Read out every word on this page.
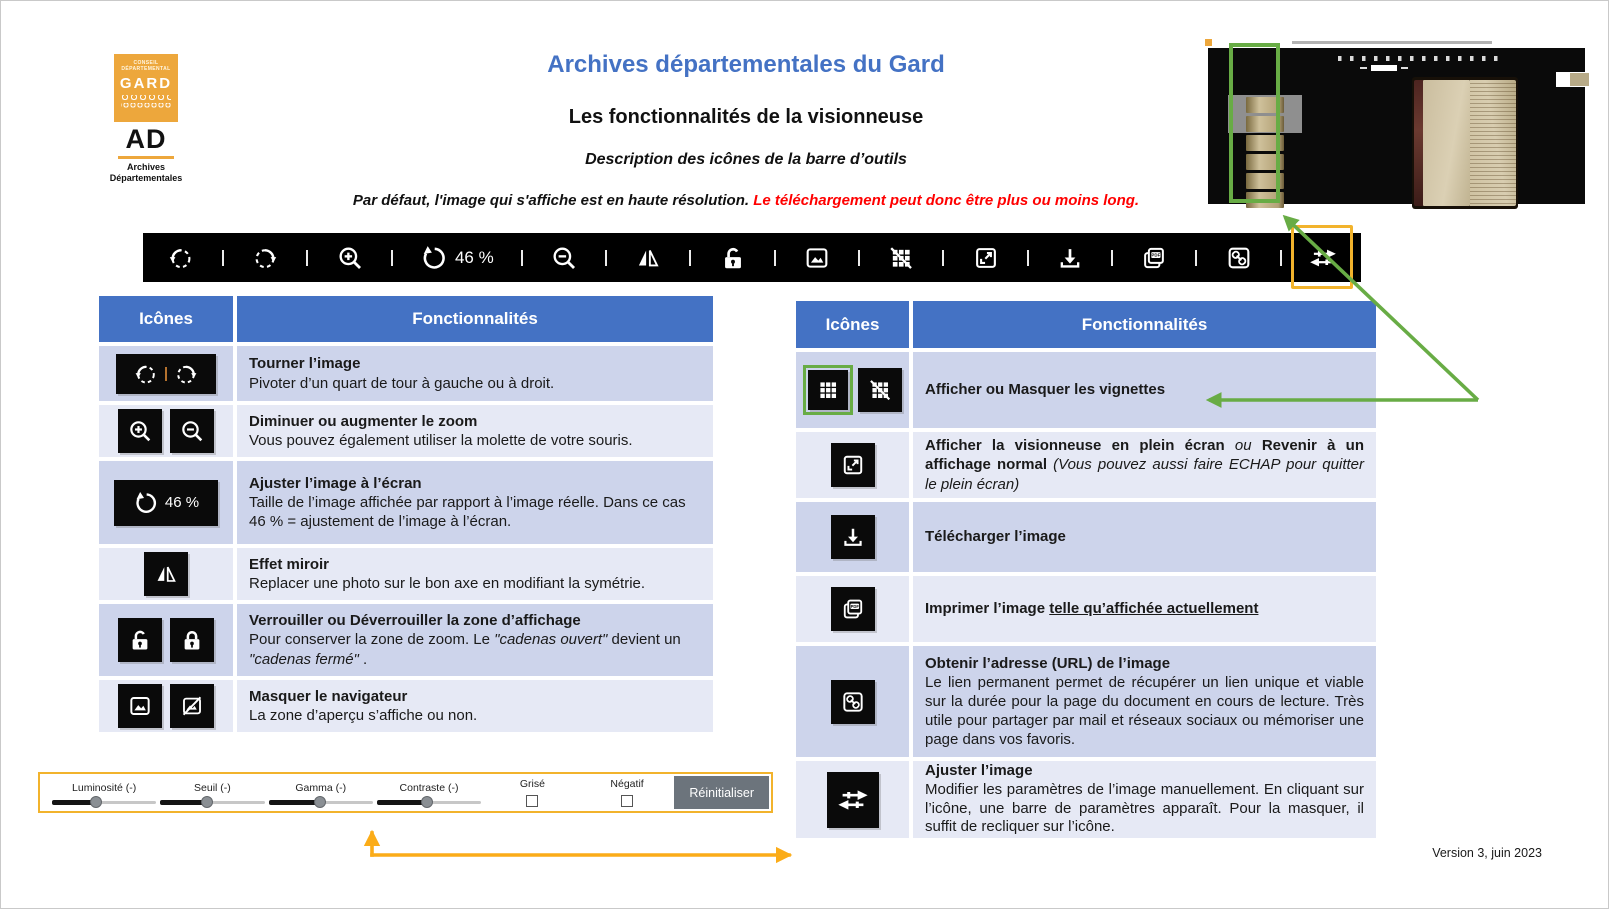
CONSEIL
DÉPARTEMENTAL
GARD
AD
Archives
Départementales
Archives départementales du Gard
Les fonctionnalités de la visionneuse
Description des icônes de la barre d’outils
Par défaut, l'image qui s'affiche est en haute résolution. Le téléchargement peut donc être plus ou moins long.
46 %
Icônes	Fonctionnalités
Tourner l’image
Pivoter d’un quart de tour à gauche ou à droit.
Diminuer ou augmenter le zoom
Vous pouvez également utiliser la molette de votre souris.
46 %
Ajuster l’image à l’écran
Taille de l’image affichée par rapport à l’image réelle. Dans ce cas 46 % = ajustement de l’image à l’écran.
Effet miroir
Replacer une photo sur le bon axe en modifiant la symétrie.
Verrouiller ou Déverrouiller la zone d’affichage
Pour conserver la zone de zoom. Le "cadenas ouvert" devient un "cadenas fermé" .
Masquer le navigateur
La zone d’aperçu s’affiche ou non.
Icônes	Fonctionnalités
Afficher ou Masquer les vignettes
Afficher la visionneuse en plein écran ou Revenir à un affichage normal (Vous pouvez aussi faire ECHAP pour quitter le plein écran)
Télécharger l’image
Imprimer l’image telle qu’affichée actuellement
Obtenir l’adresse (URL) de l’image
Le lien permanent permet de récupérer un lien unique et viable sur la durée pour la page du document en cours de lecture. Très utile pour partager par mail et réseaux sociaux ou mémoriser une page dans vos favoris.
Ajuster l’image
Modifier les paramètres de l’image manuellement. En cliquant sur l’icône, une barre de paramètres apparaît. Pour la masquer, il suffit de recliquer sur l’icône.
Luminosité (-)	Seuil (-)	Gamma (-)	Contraste (-)	Grisé	Négatif
Réinitialiser
Version 3, juin 2023
